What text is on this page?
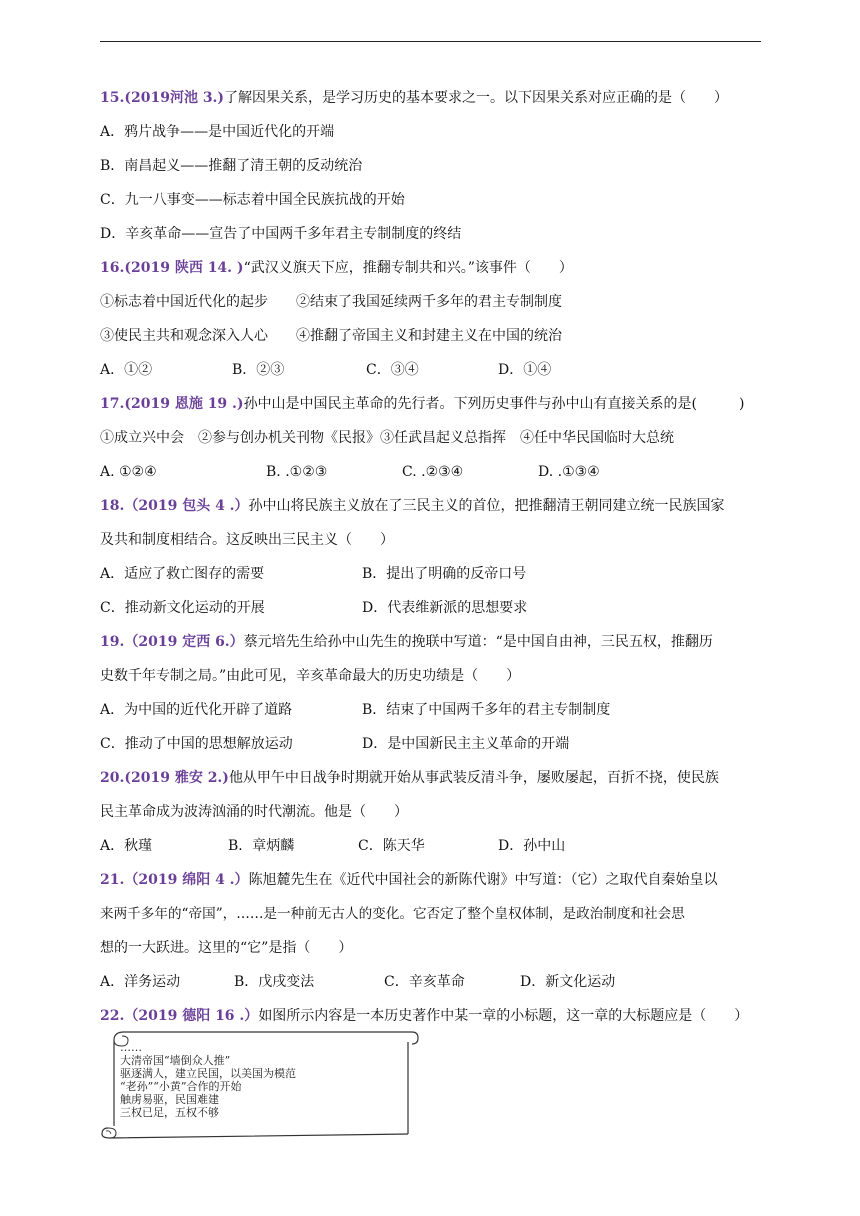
15.(2019河池 3.)了解因果关系，是学习历史的基本要求之一。以下因果关系对应正确的是（　　）
A．鸦片战争——是中国近代化的开端
B．南昌起义——推翻了清王朝的反动统治
C．九一八事变——标志着中国全民族抗战的开始
D．辛亥革命——宣告了中国两千多年君主专制制度的终结
16.(2019 陕西 14. )“武汉义旗天下应，推翻专制共和兴。”该事件（　　）
①标志着中国近代化的起步　　②结束了我国延续两千多年的君主专制制度
③使民主共和观念深入人心　　④推翻了帝国主义和封建主义在中国的统治
A．①②	B．②③	C．③④	D．①④
17.(2019 恩施 19 .)孙中山是中国民主革命的先行者。下列历史事件与孙中山有直接关系的是(　　　)
①成立兴中会　②参与创办机关刊物《民报》③任武昌起义总指挥　④任中华民国临时大总统
A. ①②④	B. .①②③	C. .②③④	D. .①③④
18.（2019 包头 4 .）孙中山将民族主义放在了三民主义的首位，把推翻清王朝同建立统一民族国家
及共和制度相结合。这反映出三民主义（　　）
A．适应了救亡图存的需要	B．提出了明确的反帝口号
C．推动新文化运动的开展	D．代表维新派的思想要求
19.（2019 定西 6.）蔡元培先生给孙中山先生的挽联中写道：“是中国自由神，三民五权，推翻历
史数千年专制之局。”由此可见，辛亥革命最大的历史功绩是（　　）
A．为中国的近代化开辟了道路	B．结束了中国两千多年的君主专制制度
C．推动了中国的思想解放运动	D．是中国新民主主义革命的开端
20.(2019 雅安 2.)他从甲午中日战争时期就开始从事武装反清斗争，屡败屡起，百折不挠，使民族
民主革命成为波涛汹涌的时代潮流。他是（　　）
A．秋瑾	B．章炳麟	C．陈天华	D．孙中山
21.（2019 绵阳 4 .）陈旭麓先生在《近代中国社会的新陈代谢》中写道：（它）之取代自秦始皇以
来两千多年的“帝国”，……是一种前无古人的变化。它否定了整个皇权体制，是政治制度和社会思
想的一大跃进。这里的“它”是指（　　）
A．洋务运动	B．戊戌变法	C．辛亥革命	D．新文化运动
22.（2019 德阳 16 .）如图所示内容是一本历史著作中某一章的小标题，这一章的大标题应是（　　）
……
大清帝国“墙倒众人推”
驱逐满人，建立民国，以美国为模范
“老孙”“小黄”合作的开始
触虏易驱，民国难建
三权已足，五权不够
